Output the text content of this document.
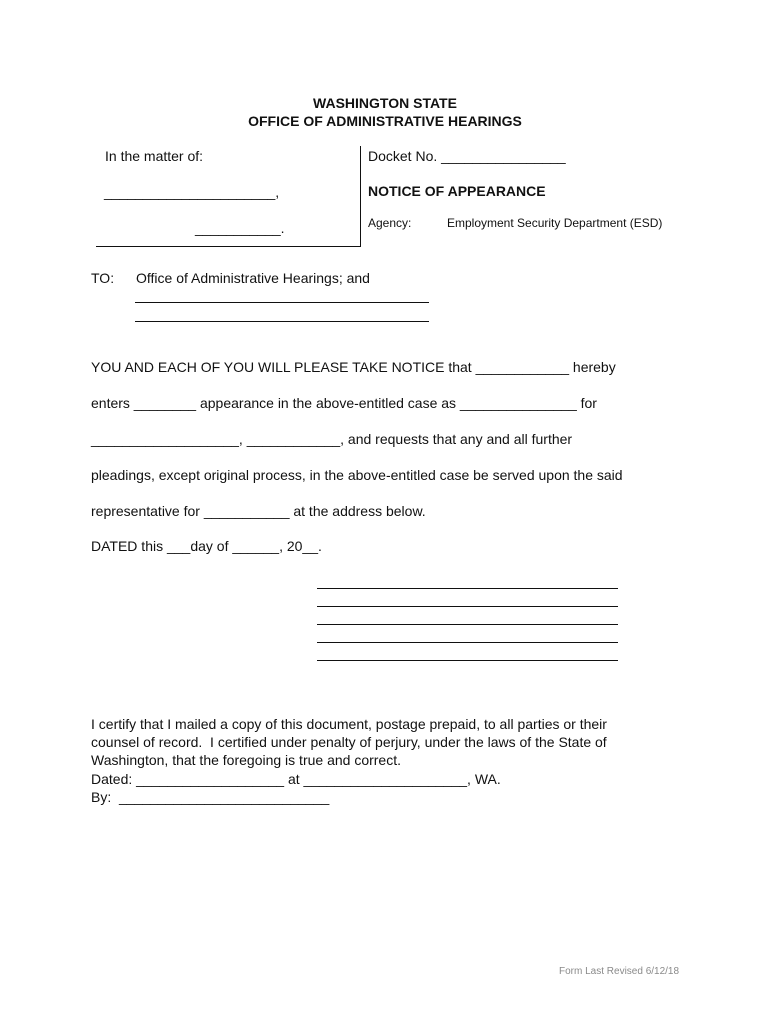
WASHINGTON STATE
OFFICE OF ADMINISTRATIVE HEARINGS
In the matter of:
______________________,
___________.
Docket No. ________________
NOTICE OF APPEARANCE
Agency:	Employment Security Department (ESD)
TO: Office of Administrative Hearings; and
YOU AND EACH OF YOU WILL PLEASE TAKE NOTICE that ____________ hereby
enters ________ appearance in the above-entitled case as _______________ for
___________________, ____________, and requests that any and all further
pleadings, except original process, in the above-entitled case be served upon the said
representative for ___________ at the address below.
DATED this ___day of ______, 20__.
I certify that I mailed a copy of this document, postage prepaid, to all parties or their
counsel of record.  I certified under penalty of perjury, under the laws of the State of
Washington, that the foregoing is true and correct.
Dated: ___________________ at _____________________, WA.
By:  ___________________________
Form Last Revised 6/12/18
